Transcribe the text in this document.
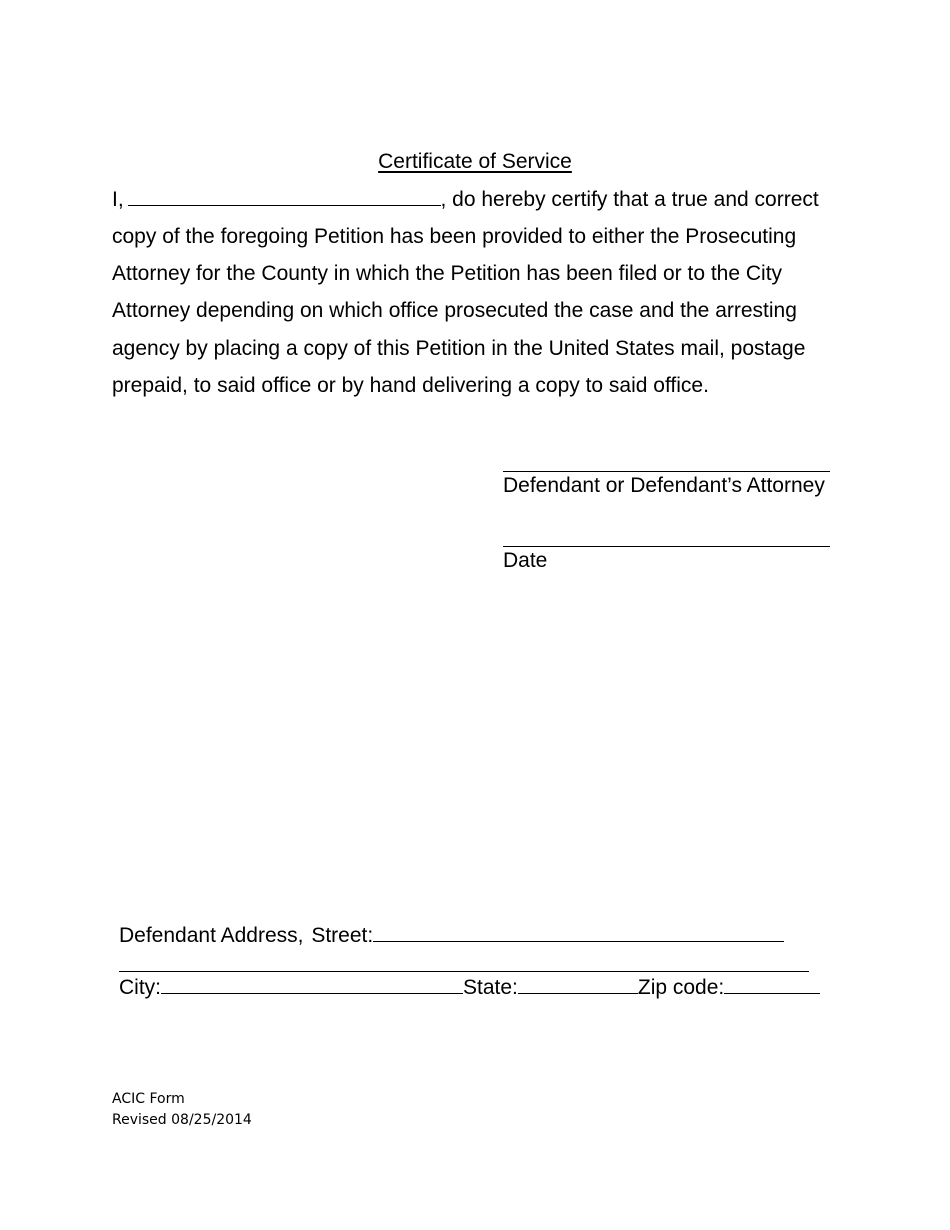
Certificate of Service
I,	, do hereby certify that a true and correct
copy of the foregoing Petition has been provided to either the Prosecuting
Attorney for the County in which the Petition has been filed or to the City
Attorney depending on which office prosecuted the case and the arresting
agency by placing a copy of this Petition in the United States mail, postage
prepaid, to said office or by hand delivering a copy to said office.
Defendant or Defendant’s Attorney
Date
Defendant Address, Street:
City:	State:	Zip code:
ACIC Form
Revised 08/25/2014
